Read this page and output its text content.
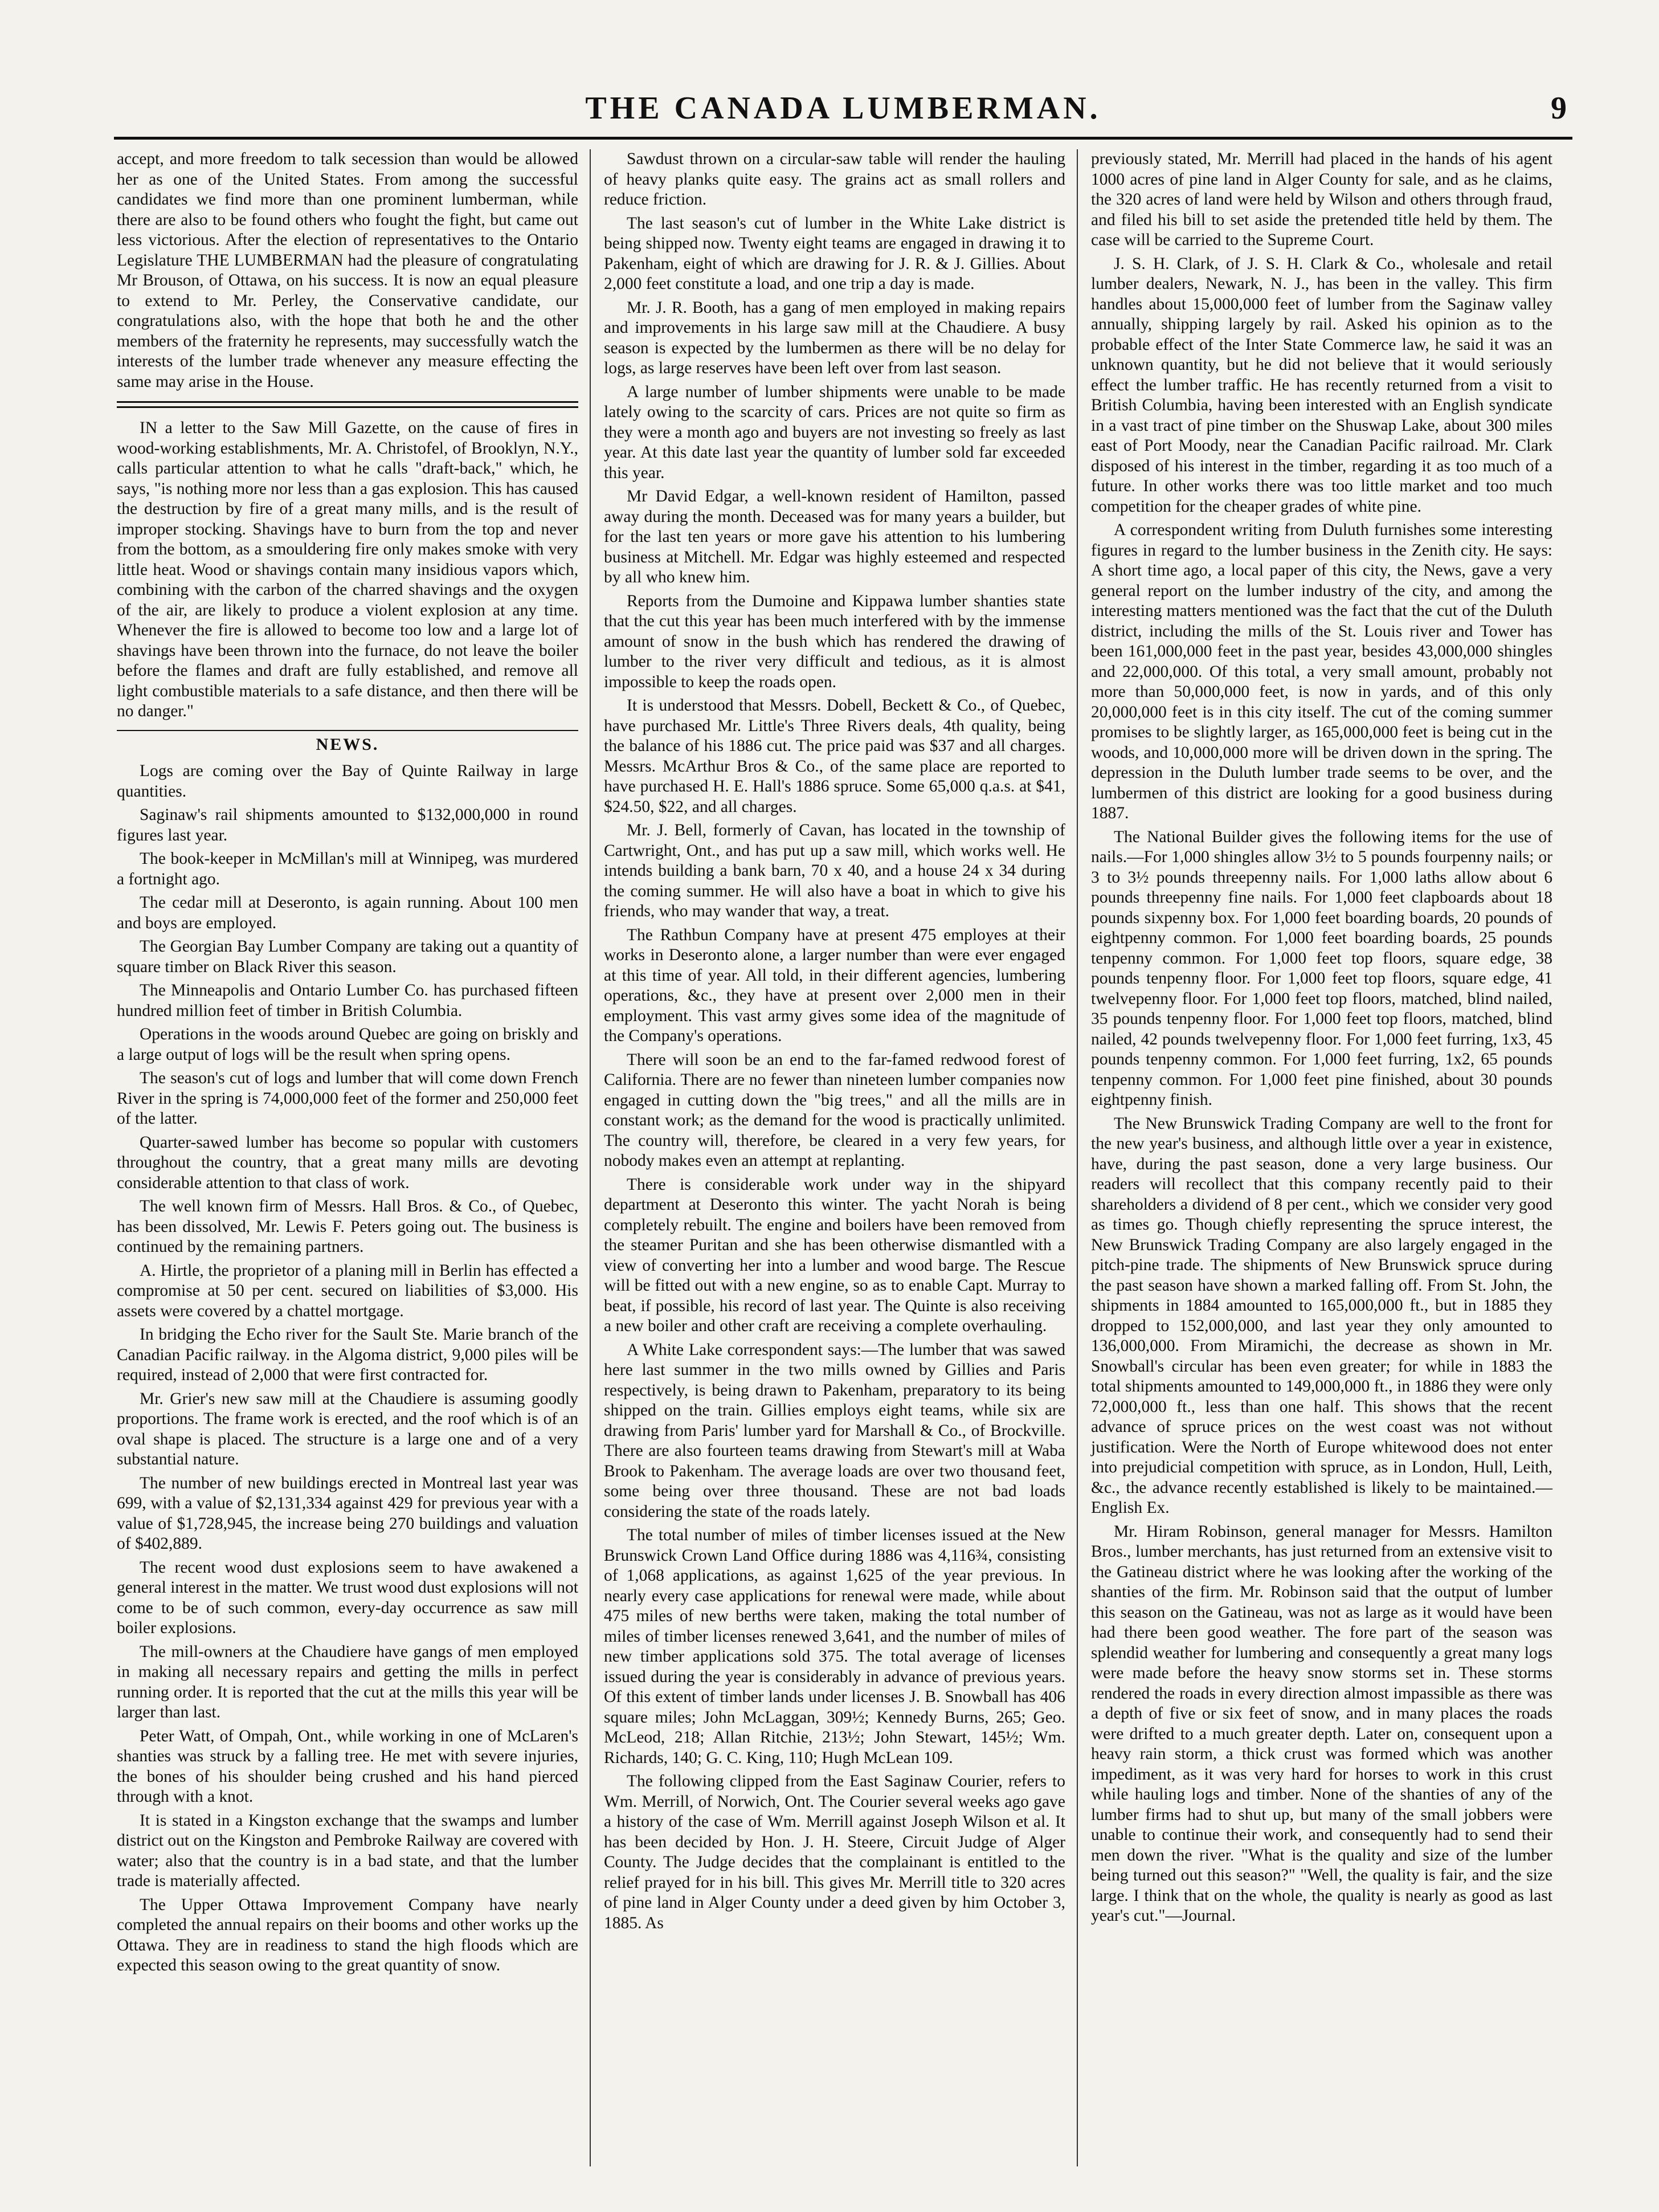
THE CANADA LUMBERMAN.	9

accept, and more freedom to talk secession than would be allowed her as one of the United States. From among the successful candidates we find more than one prominent lumberman, while there are also to be found others who fought the fight, but came out less victorious. After the election of representatives to the Ontario Legislature THE LUMBERMAN had the pleasure of congratulating Mr Brouson, of Ottawa, on his success. It is now an equal pleasure to extend to Mr. Perley, the Conservative candidate, our congratulations also, with the hope that both he and the other members of the fraternity he represents, may successfully watch the interests of the lumber trade whenever any measure effecting the same may arise in the House.

IN a letter to the Saw Mill Gazette, on the cause of fires in wood-working establishments, Mr. A. Christofel, of Brooklyn, N.Y., calls particular attention to what he calls "draft-back," which, he says, "is nothing more nor less than a gas explosion. This has caused the destruction by fire of a great many mills, and is the result of improper stocking. Shavings have to burn from the top and never from the bottom, as a smouldering fire only makes smoke with very little heat. Wood or shavings contain many insidious vapors which, combining with the carbon of the charred shavings and the oxygen of the air, are likely to produce a violent explosion at any time. Whenever the fire is allowed to become too low and a large lot of shavings have been thrown into the furnace, do not leave the boiler before the flames and draft are fully established, and remove all light combustible materials to a safe distance, and then there will be no danger."

NEWS.

Logs are coming over the Bay of Quinte Railway in large quantities.

Saginaw's rail shipments amounted to $132,000,000 in round figures last year.

The book-keeper in McMillan's mill at Winnipeg, was murdered a fortnight ago.

The cedar mill at Deseronto, is again running. About 100 men and boys are employed.

The Georgian Bay Lumber Company are taking out a quantity of square timber on Black River this season.

The Minneapolis and Ontario Lumber Co. has purchased fifteen hundred million feet of timber in British Columbia.

Operations in the woods around Quebec are going on briskly and a large output of logs will be the result when spring opens.

The season's cut of logs and lumber that will come down French River in the spring is 74,000,000 feet of the former and 250,000 feet of the latter.

Quarter-sawed lumber has become so popular with customers throughout the country, that a great many mills are devoting considerable attention to that class of work.

The well known firm of Messrs. Hall Bros. & Co., of Quebec, has been dissolved, Mr. Lewis F. Peters going out. The business is continued by the remaining partners.

A. Hirtle, the proprietor of a planing mill in Berlin has effected a compromise at 50 per cent. secured on liabilities of $3,000. His assets were covered by a chattel mortgage.

In bridging the Echo river for the Sault Ste. Marie branch of the Canadian Pacific railway. in the Algoma district, 9,000 piles will be required, instead of 2,000 that were first contracted for.

Mr. Grier's new saw mill at the Chaudiere is assuming goodly proportions. The frame work is erected, and the roof which is of an oval shape is placed. The structure is a large one and of a very substantial nature.

The number of new buildings erected in Montreal last year was 699, with a value of $2,131,334 against 429 for previous year with a value of $1,728,945, the increase being 270 buildings and valuation of $402,889.

The recent wood dust explosions seem to have awakened a general interest in the matter. We trust wood dust explosions will not come to be of such common, every-day occurrence as saw mill boiler explosions.

The mill-owners at the Chaudiere have gangs of men employed in making all necessary repairs and getting the mills in perfect running order. It is reported that the cut at the mills this year will be larger than last.

Peter Watt, of Ompah, Ont., while working in one of McLaren's shanties was struck by a falling tree. He met with severe injuries, the bones of his shoulder being crushed and his hand pierced through with a knot.

It is stated in a Kingston exchange that the swamps and lumber district out on the Kingston and Pembroke Railway are covered with water; also that the country is in a bad state, and that the lumber trade is materially affected.

The Upper Ottawa Improvement Company have nearly completed the annual repairs on their booms and other works up the Ottawa. They are in readiness to stand the high floods which are expected this season owing to the great quantity of snow.

Sawdust thrown on a circular-saw table will render the hauling of heavy planks quite easy. The grains act as small rollers and reduce friction.

The last season's cut of lumber in the White Lake district is being shipped now. Twenty eight teams are engaged in drawing it to Pakenham, eight of which are drawing for J. R. & J. Gillies. About 2,000 feet constitute a load, and one trip a day is made.

Mr. J. R. Booth, has a gang of men employed in making repairs and improvements in his large saw mill at the Chaudiere. A busy season is expected by the lumbermen as there will be no delay for logs, as large reserves have been left over from last season.

A large number of lumber shipments were unable to be made lately owing to the scarcity of cars. Prices are not quite so firm as they were a month ago and buyers are not investing so freely as last year. At this date last year the quantity of lumber sold far exceeded this year.

Mr David Edgar, a well-known resident of Hamilton, passed away during the month. Deceased was for many years a builder, but for the last ten years or more gave his attention to his lumbering business at Mitchell. Mr. Edgar was highly esteemed and respected by all who knew him.

Reports from the Dumoine and Kippawa lumber shanties state that the cut this year has been much interfered with by the immense amount of snow in the bush which has rendered the drawing of lumber to the river very difficult and tedious, as it is almost impossible to keep the roads open.

It is understood that Messrs. Dobell, Beckett & Co., of Quebec, have purchased Mr. Little's Three Rivers deals, 4th quality, being the balance of his 1886 cut. The price paid was $37 and all charges. Messrs. McArthur Bros & Co., of the same place are reported to have purchased H. E. Hall's 1886 spruce. Some 65,000 q.a.s. at $41, $24.50, $22, and all charges.

Mr. J. Bell, formerly of Cavan, has located in the township of Cartwright, Ont., and has put up a saw mill, which works well. He intends building a bank barn, 70 x 40, and a house 24 x 34 during the coming summer. He will also have a boat in which to give his friends, who may wander that way, a treat.

The Rathbun Company have at present 475 employes at their works in Deseronto alone, a larger number than were ever engaged at this time of year. All told, in their different agencies, lumbering operations, &c., they have at present over 2,000 men in their employment. This vast army gives some idea of the magnitude of the Company's operations.

There will soon be an end to the far-famed redwood forest of California. There are no fewer than nineteen lumber companies now engaged in cutting down the "big trees," and all the mills are in constant work; as the demand for the wood is practically unlimited. The country will, therefore, be cleared in a very few years, for nobody makes even an attempt at replanting.

There is considerable work under way in the shipyard department at Deseronto this winter. The yacht Norah is being completely rebuilt. The engine and boilers have been removed from the steamer Puritan and she has been otherwise dismantled with a view of converting her into a lumber and wood barge. The Rescue will be fitted out with a new engine, so as to enable Capt. Murray to beat, if possible, his record of last year. The Quinte is also receiving a new boiler and other craft are receiving a complete overhauling.

A White Lake correspondent says:—The lumber that was sawed here last summer in the two mills owned by Gillies and Paris respectively, is being drawn to Pakenham, preparatory to its being shipped on the train. Gillies employs eight teams, while six are drawing from Paris' lumber yard for Marshall & Co., of Brockville. There are also fourteen teams drawing from Stewart's mill at Waba Brook to Pakenham. The average loads are over two thousand feet, some being over three thousand. These are not bad loads considering the state of the roads lately.

The total number of miles of timber licenses issued at the New Brunswick Crown Land Office during 1886 was 4,116¾, consisting of 1,068 applications, as against 1,625 of the year previous. In nearly every case applications for renewal were made, while about 475 miles of new berths were taken, making the total number of miles of timber licenses renewed 3,641, and the number of miles of new timber applications sold 375. The total average of licenses issued during the year is considerably in advance of previous years. Of this extent of timber lands under licenses J. B. Snowball has 406 square miles; John McLaggan, 309½; Kennedy Burns, 265; Geo. McLeod, 218; Allan Ritchie, 213½; John Stewart, 145½; Wm. Richards, 140; G. C. King, 110; Hugh McLean 109.

The following clipped from the East Saginaw Courier, refers to Wm. Merrill, of Norwich, Ont. The Courier several weeks ago gave a history of the case of Wm. Merrill against Joseph Wilson et al. It has been decided by Hon. J. H. Steere, Circuit Judge of Alger County. The Judge decides that the complainant is entitled to the relief prayed for in his bill. This gives Mr. Merrill title to 320 acres of pine land in Alger County under a deed given by him October 3, 1885. As

previously stated, Mr. Merrill had placed in the hands of his agent 1000 acres of pine land in Alger County for sale, and as he claims, the 320 acres of land were held by Wilson and others through fraud, and filed his bill to set aside the pretended title held by them. The case will be carried to the Supreme Court.

J. S. H. Clark, of J. S. H. Clark & Co., wholesale and retail lumber dealers, Newark, N. J., has been in the valley. This firm handles about 15,000,000 feet of lumber from the Saginaw valley annually, shipping largely by rail. Asked his opinion as to the probable effect of the Inter State Commerce law, he said it was an unknown quantity, but he did not believe that it would seriously effect the lumber traffic. He has recently returned from a visit to British Columbia, having been interested with an English syndicate in a vast tract of pine timber on the Shuswap Lake, about 300 miles east of Port Moody, near the Canadian Pacific railroad. Mr. Clark disposed of his interest in the timber, regarding it as too much of a future. In other works there was too little market and too much competition for the cheaper grades of white pine.

A correspondent writing from Duluth furnishes some interesting figures in regard to the lumber business in the Zenith city. He says: A short time ago, a local paper of this city, the News, gave a very general report on the lumber industry of the city, and among the interesting matters mentioned was the fact that the cut of the Duluth district, including the mills of the St. Louis river and Tower has been 161,000,000 feet in the past year, besides 43,000,000 shingles and 22,000,000. Of this total, a very small amount, probably not more than 50,000,000 feet, is now in yards, and of this only 20,000,000 feet is in this city itself. The cut of the coming summer promises to be slightly larger, as 165,000,000 feet is being cut in the woods, and 10,000,000 more will be driven down in the spring. The depression in the Duluth lumber trade seems to be over, and the lumbermen of this district are looking for a good business during 1887.

The National Builder gives the following items for the use of nails.—For 1,000 shingles allow 3½ to 5 pounds fourpenny nails; or 3 to 3½ pounds threepenny nails. For 1,000 laths allow about 6 pounds threepenny fine nails. For 1,000 feet clapboards about 18 pounds sixpenny box. For 1,000 feet boarding boards, 20 pounds of eightpenny common. For 1,000 feet boarding boards, 25 pounds tenpenny common. For 1,000 feet top floors, square edge, 38 pounds tenpenny floor. For 1,000 feet top floors, square edge, 41 twelvepenny floor. For 1,000 feet top floors, matched, blind nailed, 35 pounds tenpenny floor. For 1,000 feet top floors, matched, blind nailed, 42 pounds twelvepenny floor. For 1,000 feet furring, 1x3, 45 pounds tenpenny common. For 1,000 feet furring, 1x2, 65 pounds tenpenny common. For 1,000 feet pine finished, about 30 pounds eightpenny finish.

The New Brunswick Trading Company are well to the front for the new year's business, and although little over a year in existence, have, during the past season, done a very large business. Our readers will recollect that this company recently paid to their shareholders a dividend of 8 per cent., which we consider very good as times go. Though chiefly representing the spruce interest, the New Brunswick Trading Company are also largely engaged in the pitch-pine trade. The shipments of New Brunswick spruce during the past season have shown a marked falling off. From St. John, the shipments in 1884 amounted to 165,000,000 ft., but in 1885 they dropped to 152,000,000, and last year they only amounted to 136,000,000. From Miramichi, the decrease as shown in Mr. Snowball's circular has been even greater; for while in 1883 the total shipments amounted to 149,000,000 ft., in 1886 they were only 72,000,000 ft., less than one half. This shows that the recent advance of spruce prices on the west coast was not without justification. Were the North of Europe whitewood does not enter into prejudicial competition with spruce, as in London, Hull, Leith, &c., the advance recently established is likely to be maintained.—English Ex.

Mr. Hiram Robinson, general manager for Messrs. Hamilton Bros., lumber merchants, has just returned from an extensive visit to the Gatineau district where he was looking after the working of the shanties of the firm. Mr. Robinson said that the output of lumber this season on the Gatineau, was not as large as it would have been had there been good weather. The fore part of the season was splendid weather for lumbering and consequently a great many logs were made before the heavy snow storms set in. These storms rendered the roads in every direction almost impassible as there was a depth of five or six feet of snow, and in many places the roads were drifted to a much greater depth. Later on, consequent upon a heavy rain storm, a thick crust was formed which was another impediment, as it was very hard for horses to work in this crust while hauling logs and timber. None of the shanties of any of the lumber firms had to shut up, but many of the small jobbers were unable to continue their work, and consequently had to send their men down the river. "What is the quality and size of the lumber being turned out this season?" "Well, the quality is fair, and the size large. I think that on the whole, the quality is nearly as good as last year's cut."—Journal.
